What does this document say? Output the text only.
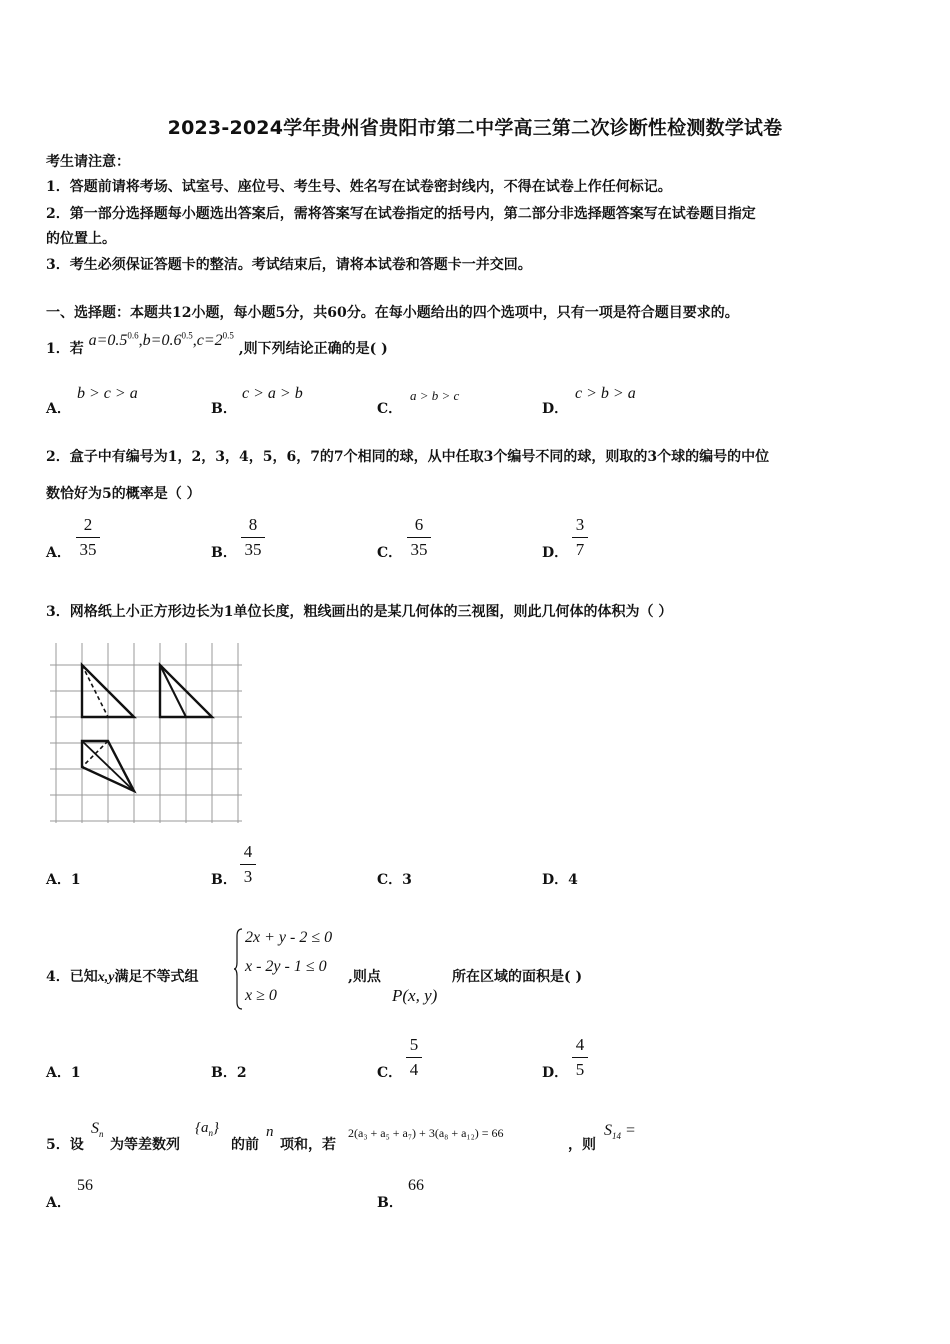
2023-2024学年贵州省贵阳市第二中学高三第二次诊断性检测数学试卷
考生请注意：
1．答题前请将考场、试室号、座位号、考生号、姓名写在试卷密封线内，不得在试卷上作任何标记。
2．第一部分选择题每小题选出答案后，需将答案写在试卷指定的括号内，第二部分非选择题答案写在试卷题目指定
的位置上。
3．考生必须保证答题卡的整洁。考试结束后，请将本试卷和答题卡一并交回。
一、选择题：本题共12小题，每小题5分，共60分。在每小题给出的四个选项中，只有一项是符合题目要求的。
1．若 $a=0.5^{0.6},b=0.6^{0.5},c=2^{0.5}$ ,则下列结论正确的是( )
A．
b > c > a
B．
c > a > b
C．
a > b > c
D．
c > b > a
2．盒子中有编号为1，2，3，4，5，6，7的7个相同的球，从中任取3个编号不同的球，则取的3个球的编号的中位
数恰好为5的概率是（ ）
A．
2
35	B．
8
35	C．
6
35	D．
3
7
3．网格纸上小正方形边长为1单位长度，粗线画出的是某几何体的三视图，则此几何体的体积为（ ）
A．1	B．
4
3	C．3	D．4
4．已知x,y满足不等式组
2x + y - 2 ≤ 0
x - 2y - 1 ≤ 0
x ≥ 0
,则点
P(x, y)
所在区域的面积是( )
A．1	B．2	C．
5
4	D．
4
5
5．设
$S_n$
为等差数列
$\{a_n\}$
的前
n
项和，若
2(a₃ + a₅ + a₇) + 3(a₈ + a₁₂) = 66
，则
$S_{14}$ =
A．
56
B．
66
